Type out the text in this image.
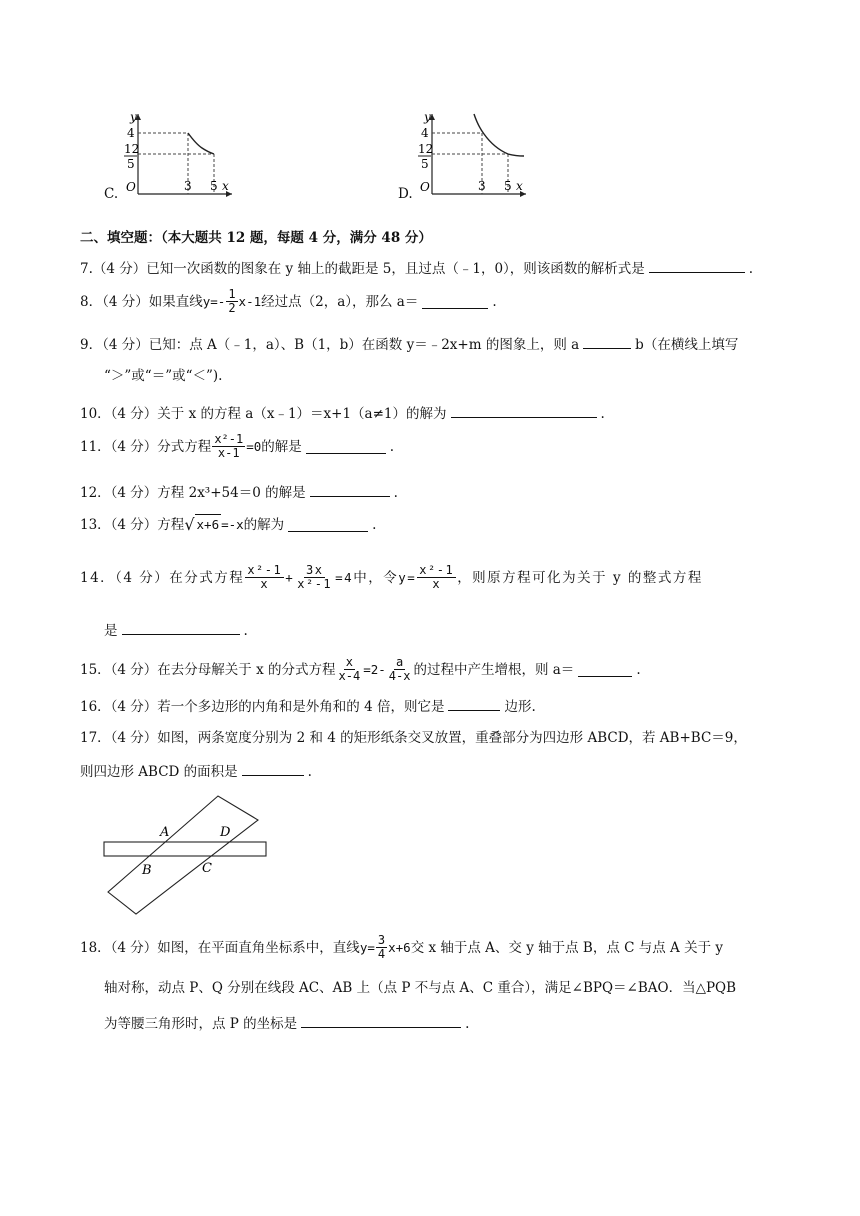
C.
y
x
O
4
12
5
3 5	D.
y
x
O
4
12
5
3 5
二、填空题：（本大题共 12 题，每题 4 分，满分 48 分）
7.（4 分）已知一次函数的图象在 y 轴上的截距是 5，且过点（﹣1，0），则该函数的解析式是	.
8．（4 分）如果直线 $y=- \frac{1}{2} x-1$ 经过点（2，a），那么 a＝	.
9．（4 分）已知：点 A（﹣1，a）、B（1，b）在函数 y＝﹣2x+m 的图象上，则 a	b（在横线上填写
“＞”或“＝”或“＜”).
10．（4 分）关于 x 的方程 a（x﹣1）＝x+1（a≠1）的解为	.
11．（4 分）分式方程 $\frac{\text{x²-1}}{x-1} =0$ 的解是	.
12．（4 分）方程 2x³+54＝0 的解是	.
13．（4 分）方程 √ x+6 =-x 的解为	.
14．（4 分）在分式方程 $\frac{\text{x²-1}}{x} + \frac{3x}{\text{x²-1}} =4$ 中，令 $y= \frac{\text{x²-1}}{x}$ ，则原方程可化为关于 y 的整式方程
是	.
15．（4 分）在去分母解关于 x 的分式方程 $\frac{x}{x-4} =2- \frac{a}{4-x}$ 的过程中产生增根，则 a＝	.
16．（4 分）若一个多边形的内角和是外角和的 4 倍，则它是	边形.
17．（4 分）如图，两条宽度分别为 2 和 4 的矩形纸条交叉放置，重叠部分为四边形 ABCD，若 AB+BC＝9，
则四边形 ABCD 的面积是	.
A	D
B	C
18．（4 分）如图，在平面直角坐标系中，直线 $y= \frac{3}{4} x+6$ 交 x 轴于点 A、交 y 轴于点 B，点 C 与点 A 关于 y
轴对称，动点 P、Q 分别在线段 AC、AB 上（点 P 不与点 A、C 重合），满足∠BPQ＝∠BAO．当△PQB
为等腰三角形时，点 P 的坐标是	.
